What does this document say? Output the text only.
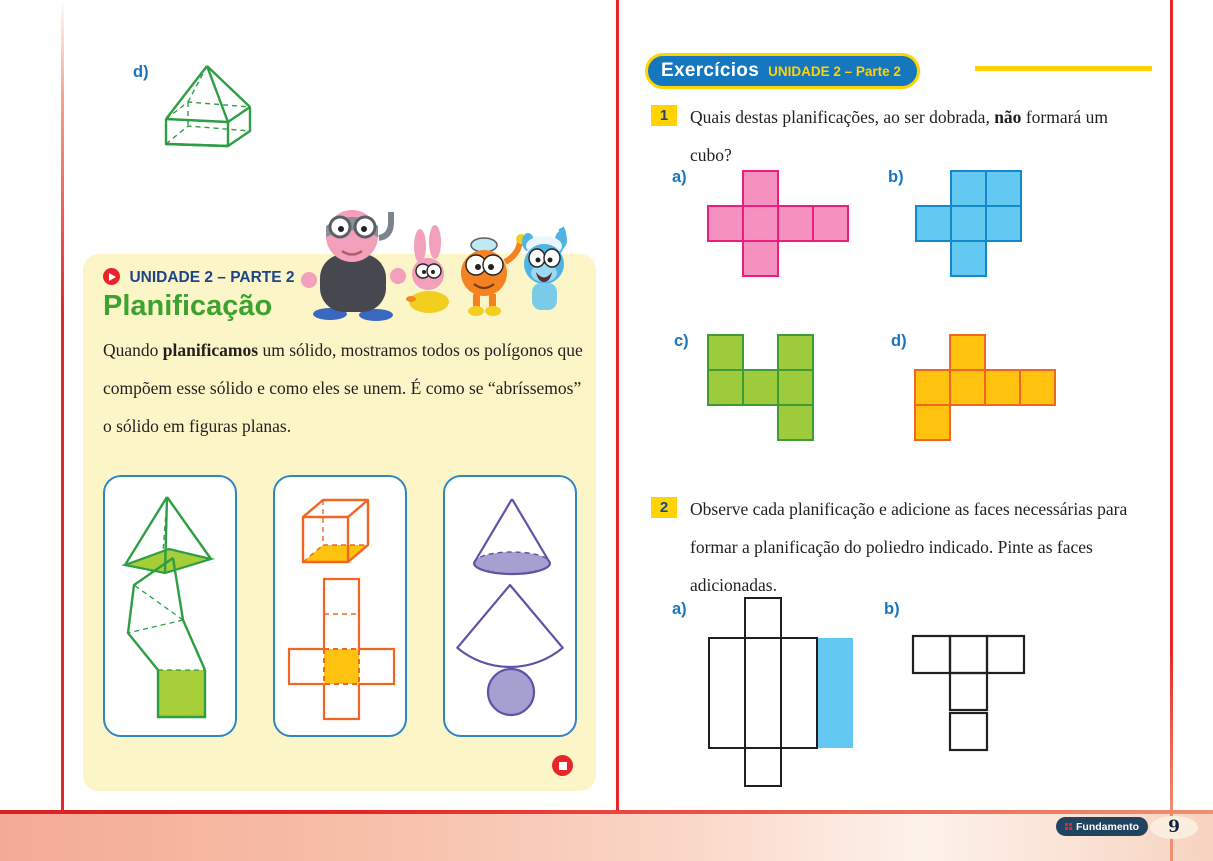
d)
UNIDADE 2 – PARTE 2
Planificação
Quando planificamos um sólido, mostramos todos os polígonos que compõem esse sólido e como eles se unem. É como se “abríssemos” o sólido em figuras planas.
Exercícios UNIDADE 2 – Parte 2
1	Quais destas planificações, ao ser dobrada, não formará um cubo?
a)	b)
c)	d)
2	Observe cada planificação e adicione as faces necessárias para formar a planificação do poliedro indicado. Pinte as faces adicionadas.
a)	b)
Fundamento	9
